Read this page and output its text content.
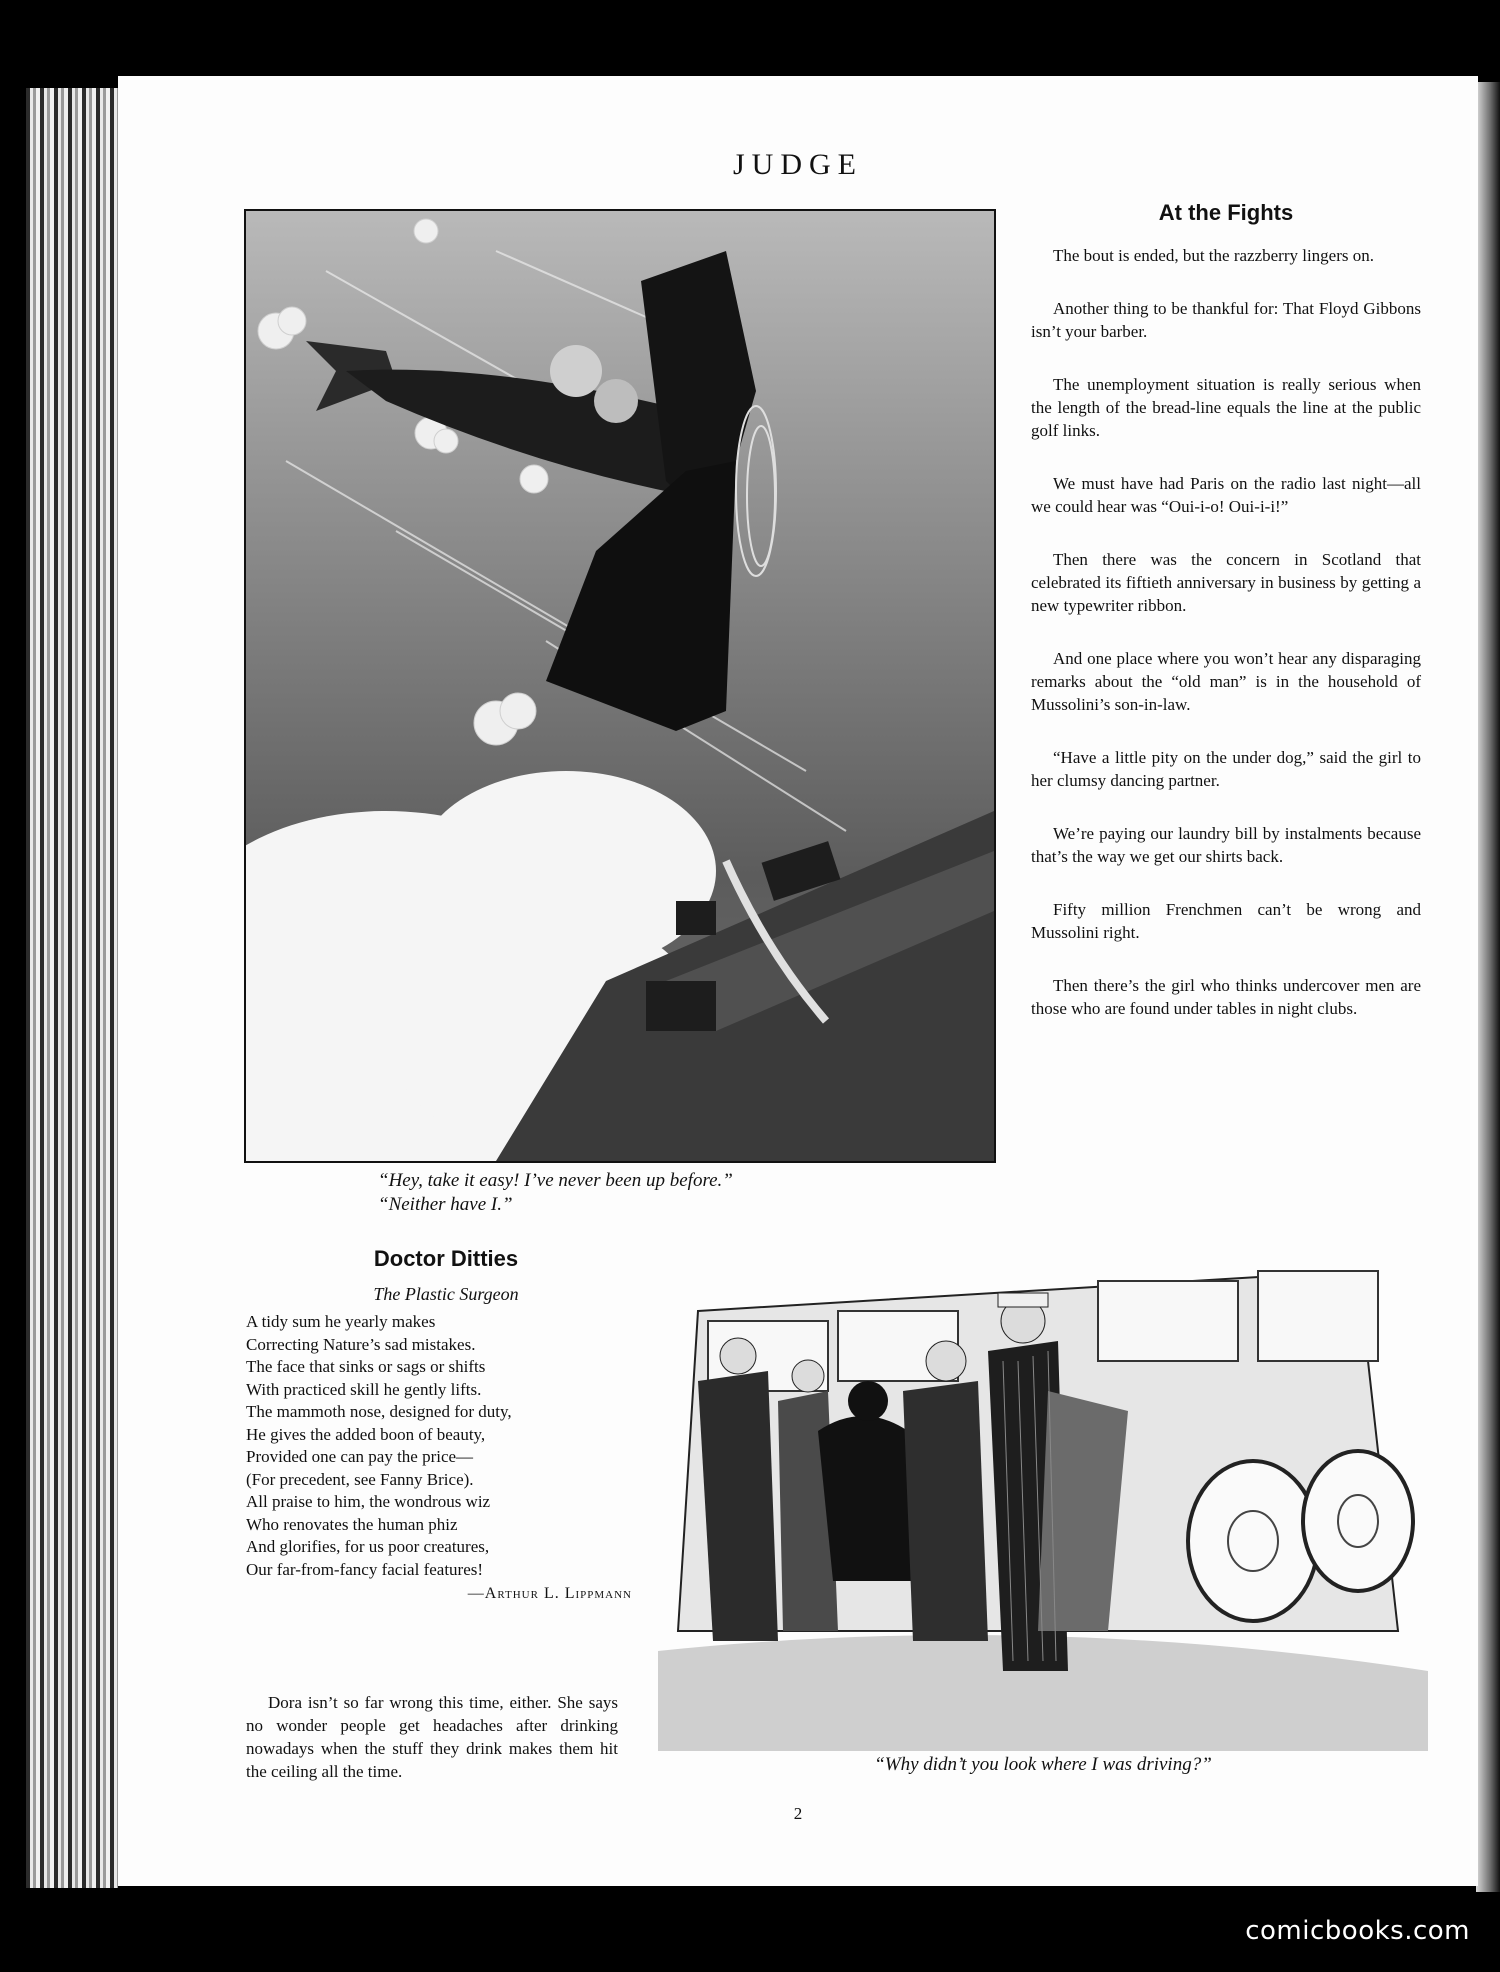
JUDGE
“Hey, take it easy! I’ve never been up before.”
“Neither have I.”
At the Fights

The bout is ended, but the razzberry lingers on.

Another thing to be thankful for: That Floyd Gibbons isn’t your barber.

The unemployment situation is really serious when the length of the bread-line equals the line at the public golf links.

We must have had Paris on the radio last night—all we could hear was “Oui-i-o! Oui-i-i!”

Then there was the concern in Scotland that celebrated its fiftieth anniversary in business by getting a new typewriter ribbon.

And one place where you won’t hear any disparaging remarks about the “old man” is in the household of Mussolini’s son-in-law.

“Have a little pity on the under dog,” said the girl to her clumsy dancing partner.

We’re paying our laundry bill by instalments because that’s the way we get our shirts back.

Fifty million Frenchmen can’t be wrong and Mussolini right.

Then there’s the girl who thinks undercover men are those who are found under tables in night clubs.

Doctor Ditties
The Plastic Surgeon
A tidy sum he yearly makes
Correcting Nature’s sad mistakes.
The face that sinks or sags or shifts
With practiced skill he gently lifts.
The mammoth nose, designed for duty,
He gives the added boon of beauty,
Provided one can pay the price—
(For precedent, see Fanny Brice).
All praise to him, the wondrous wiz
Who renovates the human phiz
And glorifies, for us poor creatures,
Our far-from-fancy facial features!
—Arthur L. Lippmann

Dora isn’t so far wrong this time, either. She says no wonder people get headaches after drinking nowadays when the stuff they drink makes them hit the ceiling all the time.	“Why didn’t you look where I was driving?”
2
comicbooks.com
